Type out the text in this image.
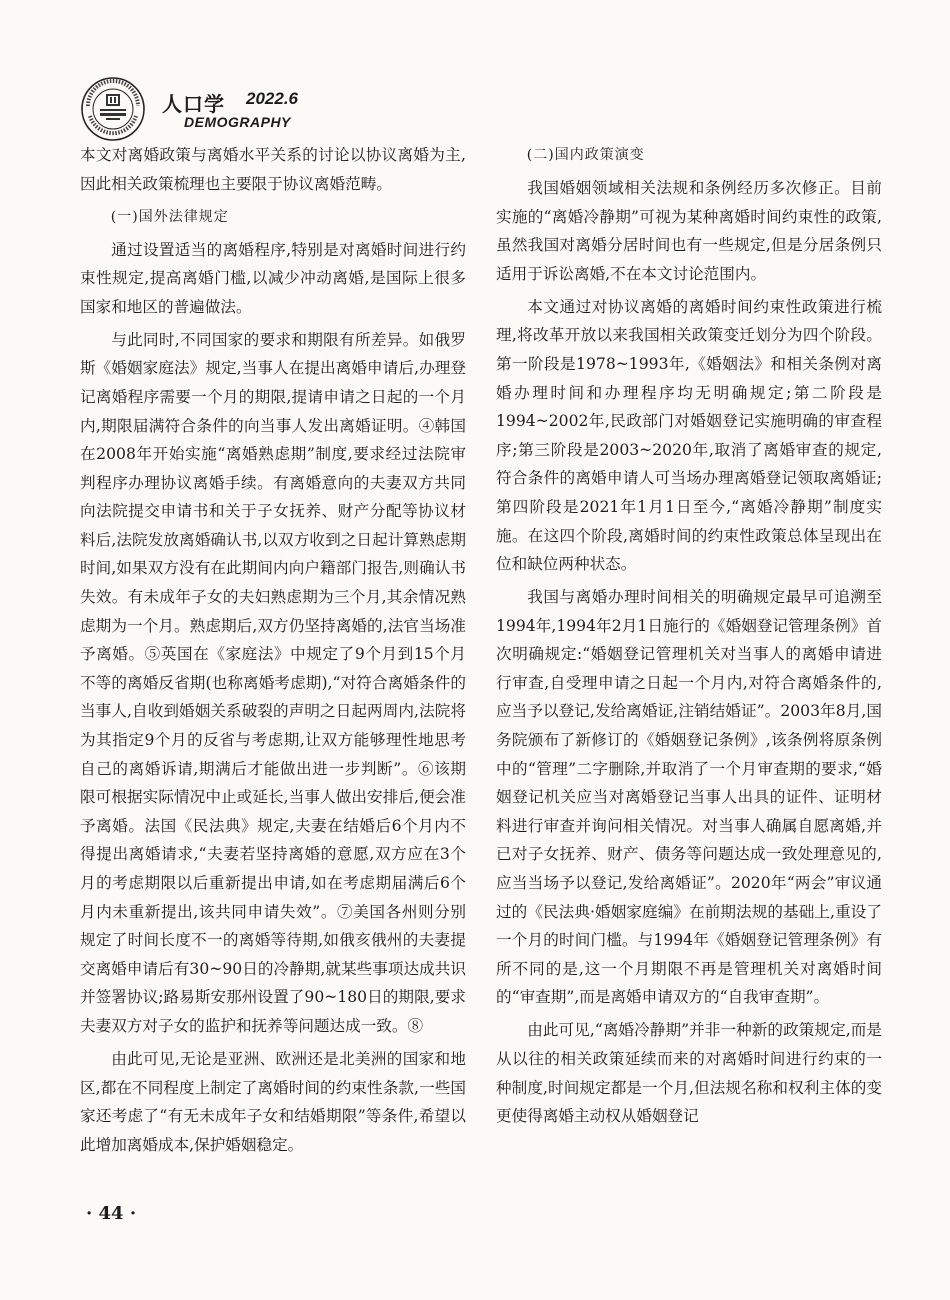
人口学 2022.6
DEMOGRAPHY

本文对离婚政策与离婚水平关系的讨论以协议离婚为主,因此相关政策梳理也主要限于协议离婚范畴。

(一)国外法律规定

通过设置适当的离婚程序,特别是对离婚时间进行约束性规定,提高离婚门槛,以减少冲动离婚,是国际上很多国家和地区的普遍做法。

与此同时,不同国家的要求和期限有所差异。如俄罗斯《婚姻家庭法》规定,当事人在提出离婚申请后,办理登记离婚程序需要一个月的期限,提请申请之日起的一个月内,期限届满符合条件的向当事人发出离婚证明。④韩国在2008年开始实施“离婚熟虑期”制度,要求经过法院审判程序办理协议离婚手续。有离婚意向的夫妻双方共同向法院提交申请书和关于子女抚养、财产分配等协议材料后,法院发放离婚确认书,以双方收到之日起计算熟虑期时间,如果双方没有在此期间内向户籍部门报告,则确认书失效。有未成年子女的夫妇熟虑期为三个月,其余情况熟虑期为一个月。熟虑期后,双方仍坚持离婚的,法官当场准予离婚。⑤英国在《家庭法》中规定了9个月到15个月不等的离婚反省期(也称离婚考虑期),“对符合离婚条件的当事人,自收到婚姻关系破裂的声明之日起两周内,法院将为其指定9个月的反省与考虑期,让双方能够理性地思考自己的离婚诉请,期满后才能做出进一步判断”。⑥该期限可根据实际情况中止或延长,当事人做出安排后,便会准予离婚。法国《民法典》规定,夫妻在结婚后6个月内不得提出离婚请求,“夫妻若坚持离婚的意愿,双方应在3个月的考虑期限以后重新提出申请,如在考虑期届满后6个月内未重新提出,该共同申请失效”。⑦美国各州则分别规定了时间长度不一的离婚等待期,如俄亥俄州的夫妻提交离婚申请后有30~90日的冷静期,就某些事项达成共识并签署协议;路易斯安那州设置了90~180日的期限,要求夫妻双方对子女的监护和抚养等问题达成一致。⑧

由此可见,无论是亚洲、欧洲还是北美洲的国家和地区,都在不同程度上制定了离婚时间的约束性条款,一些国家还考虑了“有无未成年子女和结婚期限”等条件,希望以此增加离婚成本,保护婚姻稳定。

(二)国内政策演变

我国婚姻领域相关法规和条例经历多次修正。目前实施的“离婚冷静期”可视为某种离婚时间约束性的政策,虽然我国对离婚分居时间也有一些规定,但是分居条例只适用于诉讼离婚,不在本文讨论范围内。

本文通过对协议离婚的离婚时间约束性政策进行梳理,将改革开放以来我国相关政策变迁划分为四个阶段。第一阶段是1978~1993年,《婚姻法》和相关条例对离婚办理时间和办理程序均无明确规定;第二阶段是1994~2002年,民政部门对婚姻登记实施明确的审查程序;第三阶段是2003~2020年,取消了离婚审查的规定,符合条件的离婚申请人可当场办理离婚登记领取离婚证;第四阶段是2021年1月1日至今,“离婚冷静期”制度实施。在这四个阶段,离婚时间的约束性政策总体呈现出在位和缺位两种状态。

我国与离婚办理时间相关的明确规定最早可追溯至1994年,1994年2月1日施行的《婚姻登记管理条例》首次明确规定:“婚姻登记管理机关对当事人的离婚申请进行审查,自受理申请之日起一个月内,对符合离婚条件的,应当予以登记,发给离婚证,注销结婚证”。2003年8月,国务院颁布了新修订的《婚姻登记条例》,该条例将原条例中的“管理”二字删除,并取消了一个月审查期的要求,“婚姻登记机关应当对离婚登记当事人出具的证件、证明材料进行审查并询问相关情况。对当事人确属自愿离婚,并已对子女抚养、财产、债务等问题达成一致处理意见的,应当当场予以登记,发给离婚证”。2020年“两会”审议通过的《民法典·婚姻家庭编》在前期法规的基础上,重设了一个月的时间门槛。与1994年《婚姻登记管理条例》有所不同的是,这一个月期限不再是管理机关对离婚时间的“审查期”,而是离婚申请双方的“自我审查期”。

由此可见,“离婚冷静期”并非一种新的政策规定,而是从以往的相关政策延续而来的对离婚时间进行约束的一种制度,时间规定都是一个月,但法规名称和权利主体的变更使得离婚主动权从婚姻登记

· 44 ·
